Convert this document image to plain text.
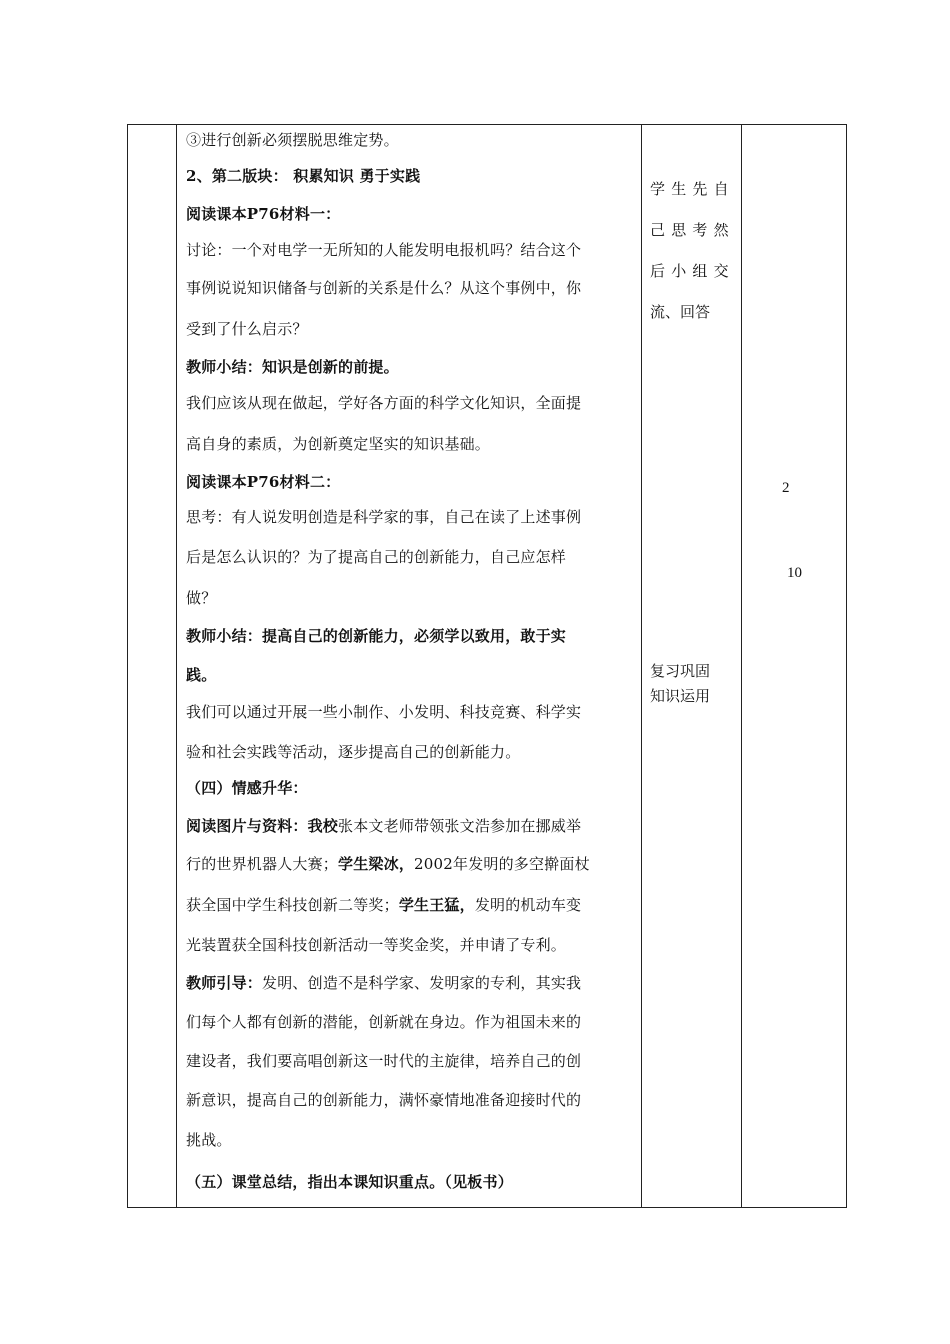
③进行创新必须摆脱思维定势。
2、第二版块： 积累知识 勇于实践
阅读课本P76材料一：
讨论：一个对电学一无所知的人能发明电报机吗？结合这个
事例说说知识储备与创新的关系是什么？从这个事例中，你
受到了什么启示？
教师小结：知识是创新的前提。
我们应该从现在做起，学好各方面的科学文化知识，全面提
高自身的素质，为创新奠定坚实的知识基础。
阅读课本P76材料二：
思考：有人说发明创造是科学家的事，自己在读了上述事例
后是怎么认识的？为了提高自己的创新能力，自己应怎样
做？
教师小结：提高自己的创新能力，必须学以致用，敢于实
践。
我们可以通过开展一些小制作、小发明、科技竞赛、科学实
验和社会实践等活动，逐步提高自己的创新能力。
（四）情感升华：
阅读图片与资料：我校张本文老师带领张文浩参加在挪威举
行的世界机器人大赛；学生梁冰，2002年发明的多空擀面杖
获全国中学生科技创新二等奖；学生王猛，发明的机动车变
光装置获全国科技创新活动一等奖金奖，并申请了专利。
教师引导：发明、创造不是科学家、发明家的专利，其实我
们每个人都有创新的潜能，创新就在身边。作为祖国未来的
建设者，我们要高唱创新这一时代的主旋律，培养自己的创
新意识，提高自己的创新能力，满怀豪情地准备迎接时代的
挑战。
（五）课堂总结，指出本课知识重点。（见板书）
学生先自
己思考然
后小组交
流、回答
复习巩固
知识运用
2
10
